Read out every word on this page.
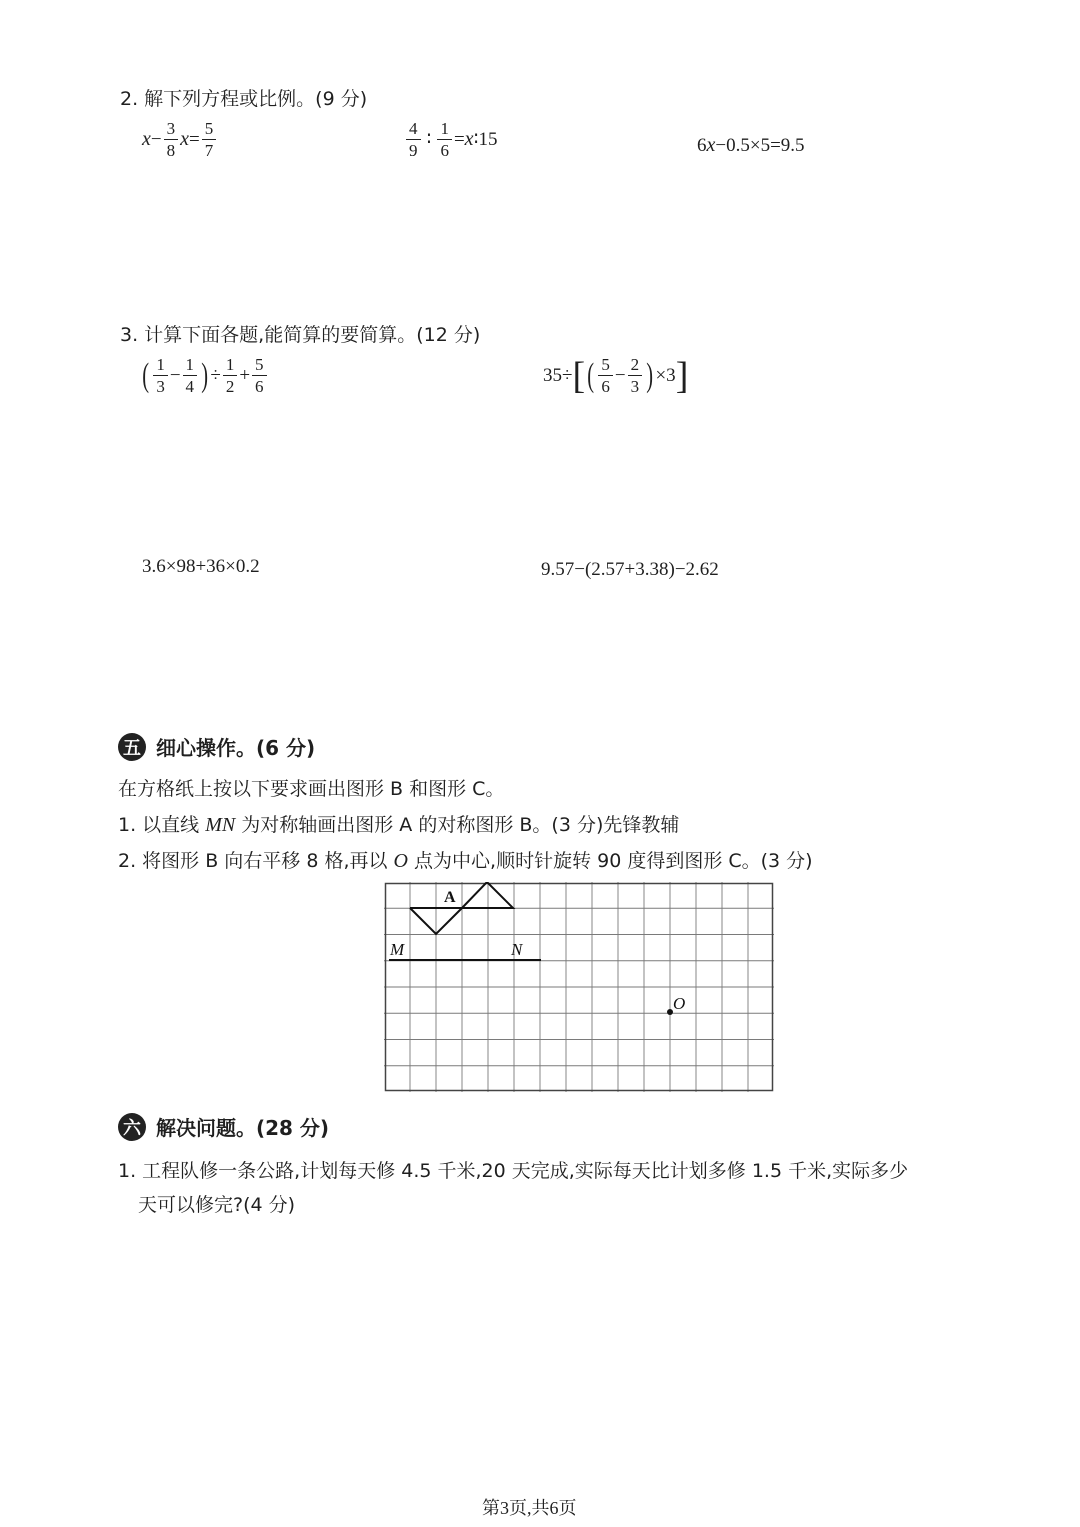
2. 解下列方程或比例。(9 分)
$x - \frac{3}{8}$ $x = \frac{5}{7}$	$\frac{4}{9}$ ∶ $\frac{1}{6} = x$ ∶15	6 x −0.5×5=9.5
3. 计算下面各题,能简算的要简算。(12 分)
( $\frac{1}{3} - \frac{1}{4}$ ) ÷ $\frac{1}{2} + \frac{5}{6}$	35÷ [ ( $\frac{5}{6} - \frac{2}{3}$ ) ×3 ]
3.6×98+36×0.2	9.57−(2.57+3.38)−2.62
五 细心操作。(6 分)
在方格纸上按以下要求画出图形 B 和图形 C。
1. 以直线 MN 为对称轴画出图形 A 的对称图形 B。(3 分)先锋教辅
2. 将图形 B 向右平移 8 格,再以 O 点为中心,顺时针旋转 90 度得到图形 C。(3 分)
A
M	N
O
六 解决问题。(28 分)
1. 工程队修一条公路,计划每天修 4.5 千米,20 天完成,实际每天比计划多修 1.5 千米,实际多少
天可以修完?(4 分)
第3页,共6页
